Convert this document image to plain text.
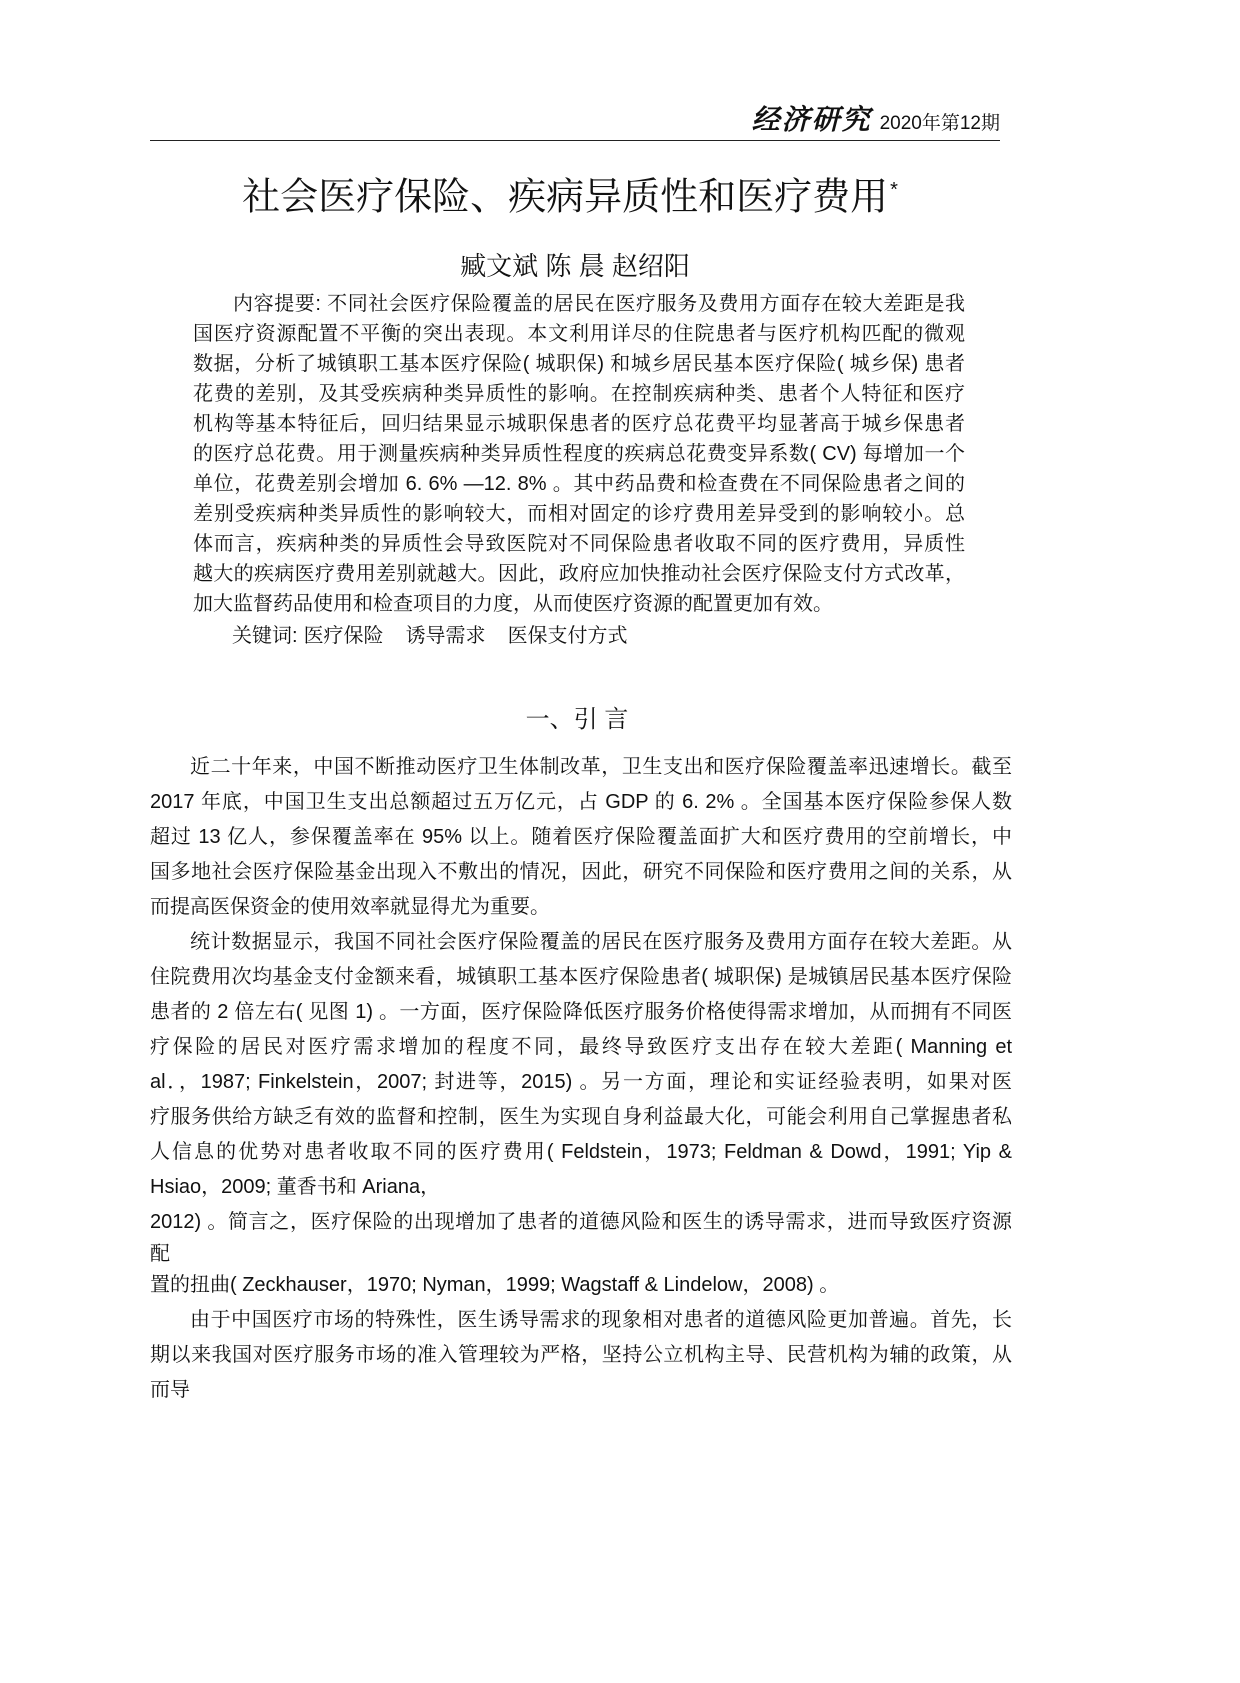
经济研究 2020年第12期
社会医疗保险、疾病异质性和医疗费用 *
臧文斌 陈 晨 赵绍阳
内容提要: 不同社会医疗保险覆盖的居民在医疗服务及费用方面存在较大差距是我
国医疗资源配置不平衡的突出表现。本文利用详尽的住院患者与医疗机构匹配的微观
数据，分析了城镇职工基本医疗保险( 城职保) 和城乡居民基本医疗保险( 城乡保) 患者
花费的差别，及其受疾病种类异质性的影响。在控制疾病种类、患者个人特征和医疗
机构等基本特征后，回归结果显示城职保患者的医疗总花费平均显著高于城乡保患者
的医疗总花费。用于测量疾病种类异质性程度的疾病总花费变异系数( CV) 每增加一个
单位，花费差别会增加 6. 6% —12. 8% 。其中药品费和检查费在不同保险患者之间的
差别受疾病种类异质性的影响较大，而相对固定的诊疗费用差异受到的影响较小。总
体而言，疾病种类的异质性会导致医院对不同保险患者收取不同的医疗费用，异质性
越大的疾病医疗费用差别就越大。因此，政府应加快推动社会医疗保险支付方式改革，
加大监督药品使用和检查项目的力度，从而使医疗资源的配置更加有效。
关键词: 医疗保险 诱导需求 医保支付方式
一、引 言
近二十年来，中国不断推动医疗卫生体制改革，卫生支出和医疗保险覆盖率迅速增长。截至
2017 年底，中国卫生支出总额超过五万亿元，占 GDP 的 6. 2% 。全国基本医疗保险参保人数
超过 13 亿人，参保覆盖率在 95% 以上。随着医疗保险覆盖面扩大和医疗费用的空前增长，中
国多地社会医疗保险基金出现入不敷出的情况，因此，研究不同保险和医疗费用之间的关系，从
而提高医保资金的使用效率就显得尤为重要。
统计数据显示，我国不同社会医疗保险覆盖的居民在医疗服务及费用方面存在较大差距。从
住院费用次均基金支付金额来看，城镇职工基本医疗保险患者( 城职保) 是城镇居民基本医疗保险
患者的 2 倍左右( 见图 1) 。一方面，医疗保险降低医疗服务价格使得需求增加，从而拥有不同医
疗保险的居民对医疗需求增加的程度不同，最终导致医疗支出存在较大差距( Manning et
al．，1987; Finkelstein，2007; 封进等，2015) 。另一方面，理论和实证经验表明，如果对医
疗服务供给方缺乏有效的监督和控制，医生为实现自身利益最大化，可能会利用自己掌握患者私
人信息的优势对患者收取不同的医疗费用( Feldstein，1973; Feldman & Dowd，1991; Yip &
Hsiao，2009; 董香书和 Ariana，
2012) 。简言之，医疗保险的出现增加了患者的道德风险和医生的诱导需求，进而导致医疗资源
配
置的扭曲( Zeckhauser，1970; Nyman，1999; Wagstaff & Lindelow，2008) 。
由于中国医疗市场的特殊性，医生诱导需求的现象相对患者的道德风险更加普遍。首先，长
期以来我国对医疗服务市场的准入管理较为严格，坚持公立机构主导、民营机构为辅的政策，从
而导
